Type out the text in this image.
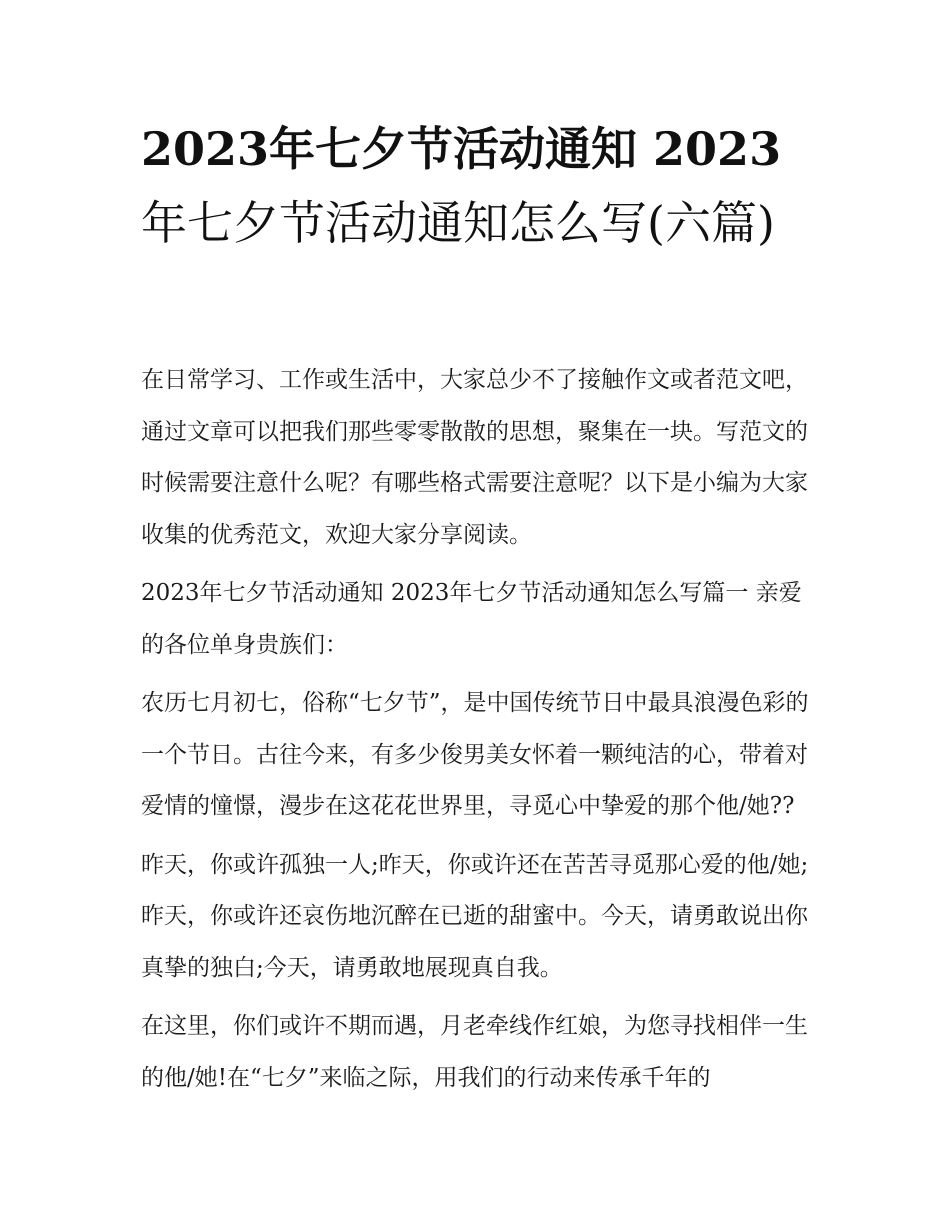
2023年七夕节活动通知 2023年七夕节活动通知怎么写(六篇)

在日常学习、工作或生活中，大家总少不了接触作文或者范文吧，通过文章可以把我们那些零零散散的思想，聚集在一块。写范文的时候需要注意什么呢？有哪些格式需要注意呢？以下是小编为大家收集的优秀范文，欢迎大家分享阅读。

2023年七夕节活动通知 2023年七夕节活动通知怎么写篇一 亲爱的各位单身贵族们：

农历七月初七，俗称“七夕节”，是中国传统节日中最具浪漫色彩的一个节日。古往今来，有多少俊男美女怀着一颗纯洁的心，带着对爱情的憧憬，漫步在这花花世界里，寻觅心中挚爱的那个他/她??

昨天，你或许孤独一人;昨天，你或许还在苦苦寻觅那心爱的他/她;昨天，你或许还哀伤地沉醉在已逝的甜蜜中。今天，请勇敢说出你真挚的独白;今天，请勇敢地展现真自我。

在这里，你们或许不期而遇，月老牵线作红娘，为您寻找相伴一生的他/她!在“七夕”来临之际，用我们的行动来传承千年的
